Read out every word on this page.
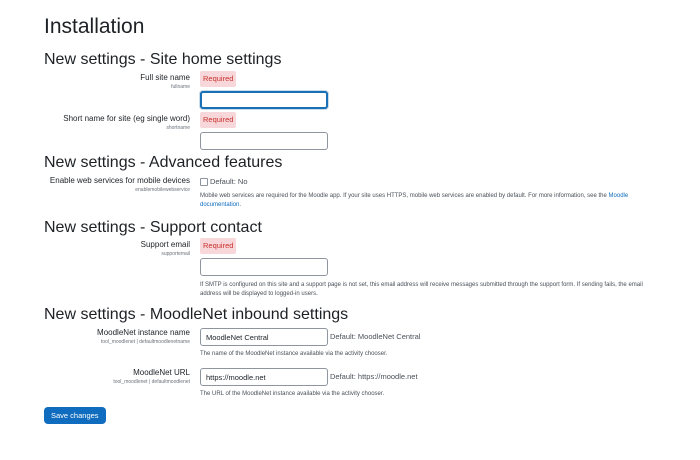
Installation
New settings - Site home settings
Full site name
fullname
Required
Short name for site (eg single word)
shortname
Required
New settings - Advanced features
Enable web services for mobile devices
enablemobilewebservice
Default: No
Mobile web services are required for the Moodle app. If your site uses HTTPS, mobile web services are enabled by default. For more information, see the Moodle
documentation.
New settings - Support contact
Support email
supportemail
Required
If SMTP is configured on this site and a support page is not set, this email address will receive messages submitted through the support form. If sending fails, the email
address will be displayed to logged-in users.
New settings - MoodleNet inbound settings
MoodleNet instance name
tool_moodlenet | defaultmoodlenetname
MoodleNet Central	Default: MoodleNet Central
The name of the MoodleNet instance available via the activity chooser.
MoodleNet URL
tool_moodlenet | defaultmoodlenet
https://moodle.net	Default: https://moodle.net
The URL of the MoodleNet instance available via the activity chooser.
Save changes
